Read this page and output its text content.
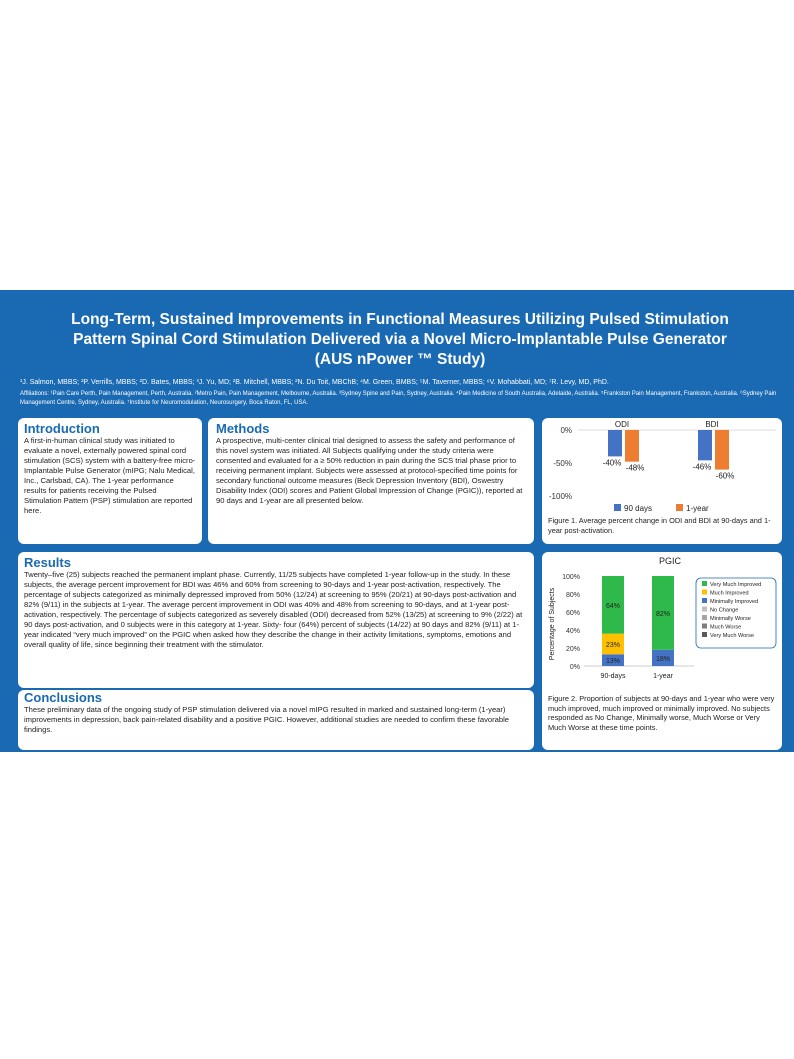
Long-Term, Sustained Improvements in Functional Measures Utilizing Pulsed Stimulation Pattern Spinal Cord Stimulation Delivered via a Novel Micro-Implantable Pulse Generator (AUS nPower ™ Study)
¹J. Salmon, MBBS; ²P. Verrills, MBBS; ²D. Bates, MBBS; ³J. Yu, MD; ²B. Mitchell, MBBS; ²N. Du Toit, MBChB; ⁴M. Green, BMBS; ⁵M. Taverner, MBBS; ⁶V. Mohabbati, MD; ⁷R. Levy, MD, PhD.
Affiliations: ¹Pain Care Perth, Pain Management, Perth, Australia. ²Metro Pain, Pain Management, Melbourne, Australia. ³Sydney Spine and Pain, Sydney, Australia. ⁴Pain Medicine of South Australia, Adelaide, Australia. ⁵Frankston Pain Management, Frankston, Australia. ⁶Sydney Pain Management Centre, Sydney, Australia. ⁷Institute for Neuromodulation, Neurosurgery, Boca Raton, FL, USA.
Introduction

A first-in-human clinical study was initiated to evaluate a novel, externally powered spinal cord stimulation (SCS) system with a battery-free micro-Implantable Pulse Generator (mIPG; Nalu Medical, Inc., Carlsbad, CA). The 1-year performance results for patients receiving the Pulsed Stimulation Pattern (PSP) stimulation are reported here.

Methods

A prospective, multi-center clinical trial designed to assess the safety and performance of this novel system was initiated. All Subjects qualifying under the study criteria were consented and evaluated for a ≥ 50% reduction in pain during the SCS trial phase prior to receiving permanent implant. Subjects were assessed at protocol-specified time points for secondary functional outcome measures (Beck Depression Inventory (BDI), Oswestry Disability Index (ODI) scores and Patient Global Impression of Change (PGIC)), reported at 90 days and 1-year are all presented below.

Results

Twenty–five (25) subjects reached the permanent implant phase. Currently, 11/25 subjects have completed 1-year follow-up in the study. In these subjects, the average percent improvement for BDI was 46% and 60% from screening to 90-days and 1-year post-activation, respectively. The percentage of subjects categorized as minimally depressed improved from 50% (12/24) at screening to 95% (20/21) at 90-days post-activation and 82% (9/11) in the subjects at 1-year. The average percent improvement in ODI was 40% and 48% from screening to 90-days, and at 1-year post-activation, respectively. The percentage of subjects categorized as severely disabled (ODI) decreased from 52% (13/25) at screening to 9% (2/22) at 90 days post-activation, and 0 subjects were in this category at 1-year. Sixty- four (64%) percent of subjects (14/22) at 90 days and 82% (9/11) at 1-year indicated “very much improved” on the PGIC when asked how they describe the change in their activity limitations, symptoms, emotions and overall quality of life, since beginning their treatment with the stimulator.

Conclusions

These preliminary data of the ongoing study of PSP stimulation delivered via a novel mIPG resulted in marked and sustained long-term (1-year) improvements in depression, back pain-related disability and a positive PGIC. However, additional studies are needed to confirm these favorable findings.

0%
-50%
-100%
ODI
-40%
-48%
BDI
-46%
-60%
90 days	1-year
Figure 1. Average percent change in ODI and BDI at 90-days and 1-year post-activation.
PGIC
Percentage of Subjects
100%
80%
60%
40%
20%
0%
13%
23%
64%
90-days
18%
82%
1-year
Very Much Improved
Much Improved
Minimally Improved
No Change
Minimally Worse
Much Worse
Very Much Worse
Figure 2. Proportion of subjects at 90-days and 1-year who were very much improved, much improved or minimally improved. No subjects responded as No Change, Minimally worse, Much Worse or Very Much Worse at these time points.
